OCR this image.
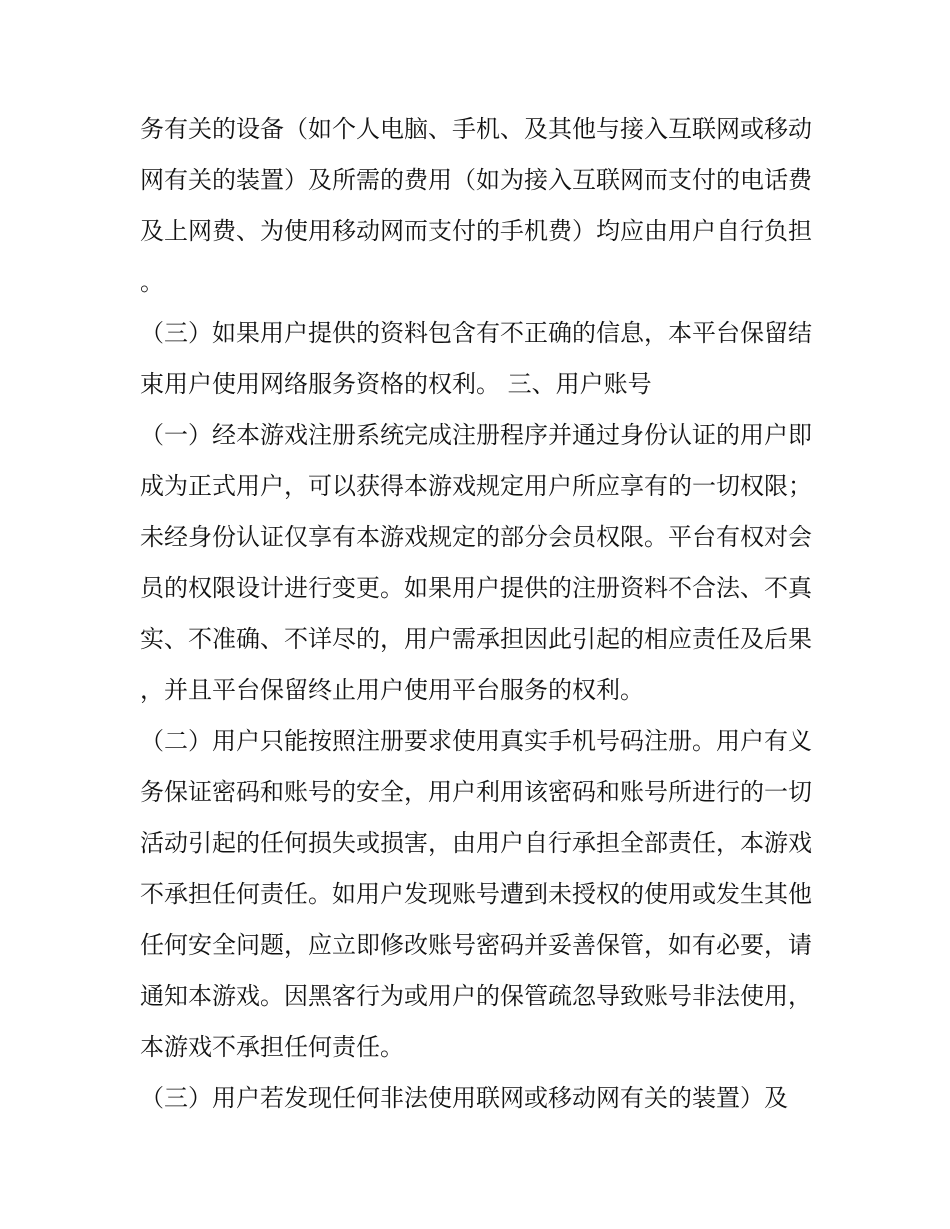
务有关的设备（如个人电脑、手机、及其他与接入互联网或移动网有关的装置）及所需的费用（如为接入互联网而支付的电话费及上网费、为使用移动网而支付的手机费）均应由用户自行负担。

（三）如果用户提供的资料包含有不正确的信息，本平台保留结束用户使用网络服务资格的权利。 三、用户账号

（一）经本游戏注册系统完成注册程序并通过身份认证的用户即成为正式用户，可以获得本游戏规定用户所应享有的一切权限；未经身份认证仅享有本游戏规定的部分会员权限。平台有权对会员的权限设计进行变更。如果用户提供的注册资料不合法、不真实、不准确、不详尽的，用户需承担因此引起的相应责任及后果，并且平台保留终止用户使用平台服务的权利。

（二）用户只能按照注册要求使用真实手机号码注册。用户有义务保证密码和账号的安全，用户利用该密码和账号所进行的一切活动引起的任何损失或损害，由用户自行承担全部责任，本游戏不承担任何责任。如用户发现账号遭到未授权的使用或发生其他任何安全问题，应立即修改账号密码并妥善保管，如有必要，请通知本游戏。因黑客行为或用户的保管疏忽导致账号非法使用，本游戏不承担任何责任。

（三）用户若发现任何非法使用联网或移动网有关的装置）及
